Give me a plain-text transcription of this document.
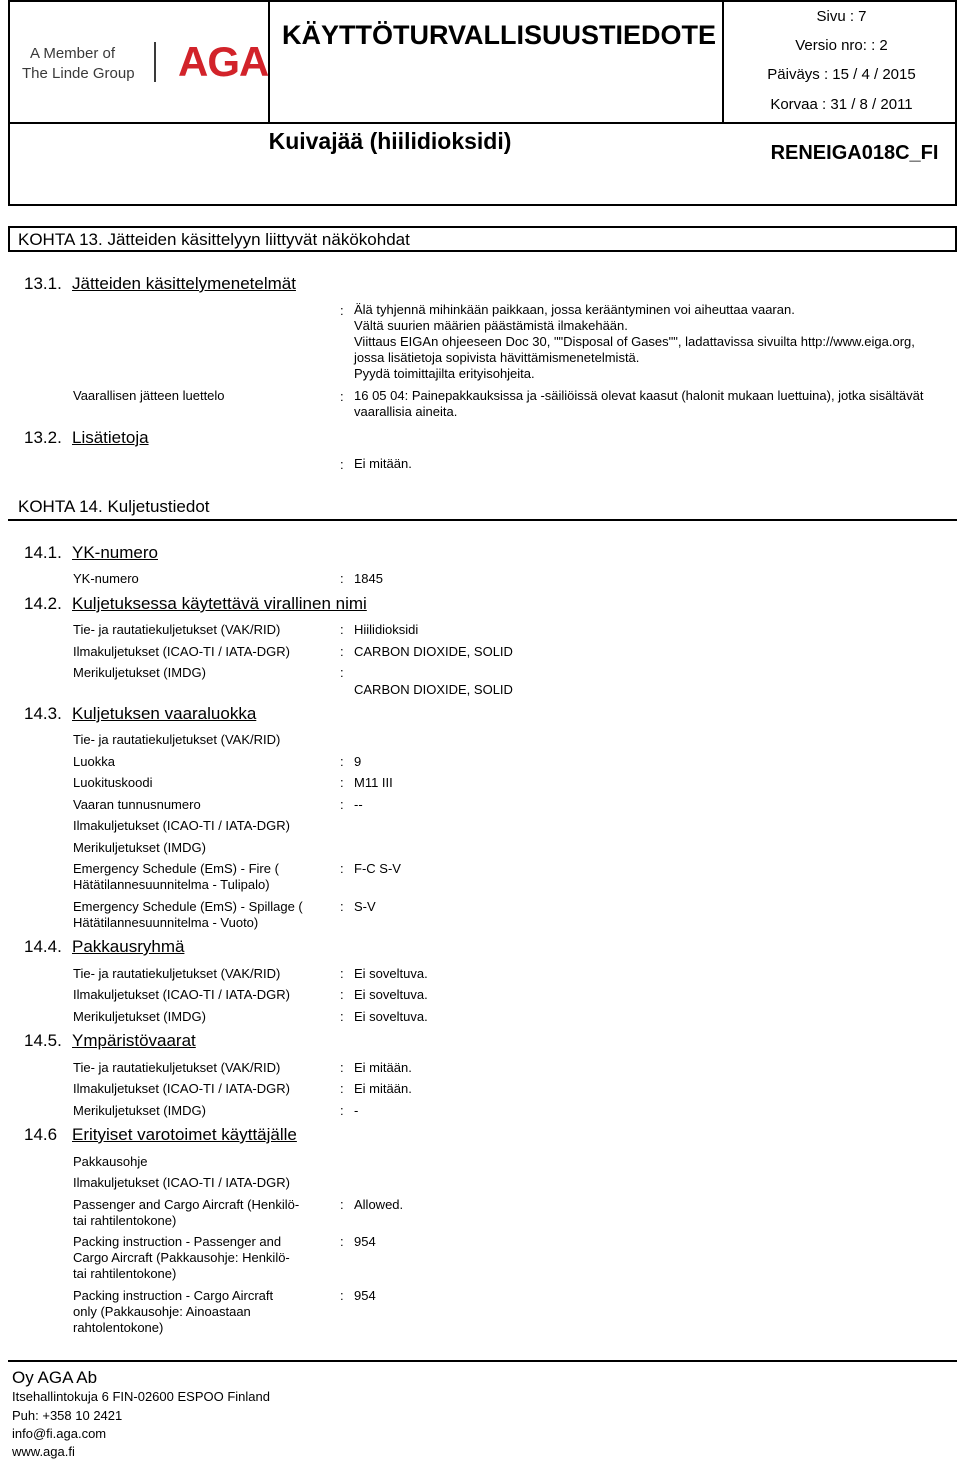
A Member of
The Linde Group AGA
KÄYTTÖTURVALLISUUSTIEDOTE
Sivu : 7
Versio nro: : 2
Päiväys : 15 / 4 / 2015
Korvaa : 31 / 8 / 2011
Kuivajää (hiilidioksidi)	RENEIGA018C_FI
KOHTA 13. Jätteiden käsittelyyn liittyvät näkökohdat
13.1. Jätteiden käsittelymenetelmät
: Älä tyhjennä mihinkään paikkaan, jossa kerääntyminen voi aiheuttaa vaaran.
Vältä suurien määrien päästämistä ilmakehään.
Viittaus EIGAn ohjeeseen Doc 30, ""Disposal of Gases"", ladattavissa sivuilta http://www.eiga.org,
jossa lisätietoja sopivista hävittämismenetelmistä.
Pyydä toimittajilta erityisohjeita.
Vaarallisen jätteen luettelo	: 16 05 04: Painepakkauksissa ja -säiliöissä olevat kaasut (halonit mukaan luettuina), jotka sisältävät
vaarallisia aineita.
13.2. Lisätietoja
: Ei mitään.
KOHTA 14. Kuljetustiedot
14.1. YK-numero
YK-numero	: 1845
14.2. Kuljetuksessa käytettävä virallinen nimi
Tie- ja rautatiekuljetukset (VAK/RID)	: Hiilidioksidi
Ilmakuljetukset (ICAO-TI / IATA-DGR)	: CARBON DIOXIDE, SOLID
Merikuljetukset (IMDG)	:
CARBON DIOXIDE, SOLID
14.3. Kuljetuksen vaaraluokka
Tie- ja rautatiekuljetukset (VAK/RID)
Luokka	: 9
Luokituskoodi	: M11 III
Vaaran tunnusnumero	: --
Ilmakuljetukset (ICAO-TI / IATA-DGR)
Merikuljetukset (IMDG)
Emergency Schedule (EmS) - Fire (
Hätätilannesuunnitelma - Tulipalo)
: F-C S-V
Emergency Schedule (EmS) - Spillage (
Hätätilannesuunnitelma - Vuoto)
: S-V
14.4. Pakkausryhmä
Tie- ja rautatiekuljetukset (VAK/RID)	: Ei soveltuva.
Ilmakuljetukset (ICAO-TI / IATA-DGR)	: Ei soveltuva.
Merikuljetukset (IMDG)	: Ei soveltuva.
14.5. Ympäristövaarat
Tie- ja rautatiekuljetukset (VAK/RID)	: Ei mitään.
Ilmakuljetukset (ICAO-TI / IATA-DGR)	: Ei mitään.
Merikuljetukset (IMDG)	: -
14.6 Erityiset varotoimet käyttäjälle
Pakkausohje
Ilmakuljetukset (ICAO-TI / IATA-DGR)
Passenger and Cargo Aircraft (Henkilö-
tai rahtilentokone)
: Allowed.
Packing instruction - Passenger and
Cargo Aircraft (Pakkausohje: Henkilö-
tai rahtilentokone)
: 954
Packing instruction - Cargo Aircraft
only (Pakkausohje: Ainoastaan
rahtolentokone)
: 954
Oy AGA Ab
Itsehallintokuja 6 FIN-02600 ESPOO Finland
Puh: +358 10 2421
info@fi.aga.com
www.aga.fi
